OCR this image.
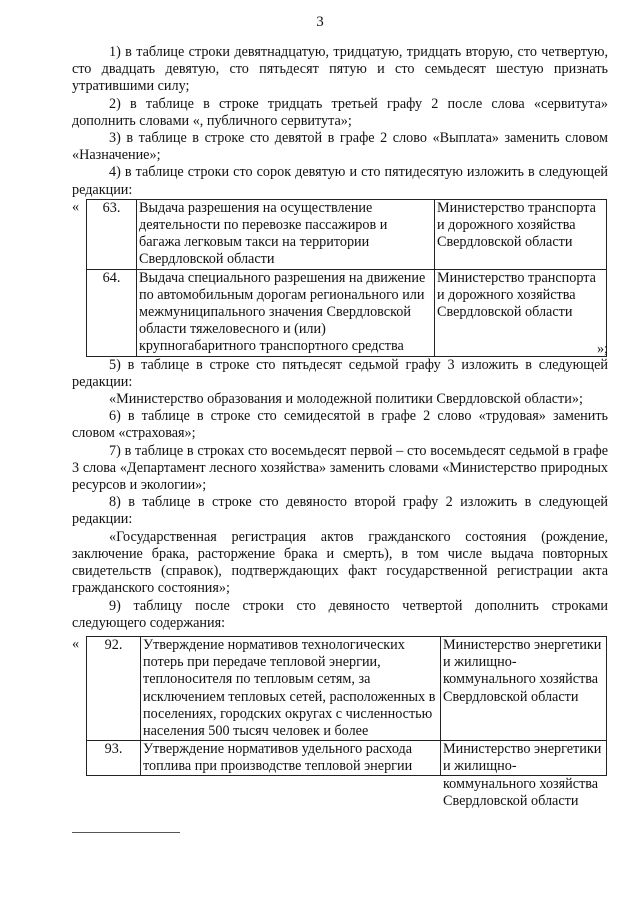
3

1) в таблице строки девятнадцатую, тридцатую, тридцать вторую, сто четвертую, сто двадцать девятую, сто пятьдесят пятую и сто семьдесят шестую признать утратившими силу;

2) в таблице в строке тридцать третьей графу 2 после слова «сервитута» дополнить словами «, публичного сервитута»;

3) в таблице в строке сто девятой в графе 2 слово «Выплата» заменить словом «Назначение»;

4) в таблице строки сто сорок девятую и сто пятидесятую изложить в следующей редакции:

« 63.	Выдача разрешения на осуществление деятельности по перевозке пассажиров и багажа легковым такси на территории Свердловской области	Министерство транспорта и дорожного хозяйства Свердловской области
64.	Выдача специального разрешения на движение по автомобильным дорогам регионального или межмуниципального значения Свердловской области тяжеловесного и (или) крупногабаритного транспортного средства	Министерство транспорта и дорожного хозяйства Свердловской области
»;

5) в таблице в строке сто пятьдесят седьмой графу 3 изложить в следующей редакции:

«Министерство образования и молодежной политики Свердловской области»;

6) в таблице в строке сто семидесятой в графе 2 слово «трудовая» заменить словом «страховая»;

7) в таблице в строках сто восемьдесят первой – сто восемьдесят седьмой в графе 3 слова «Департамент лесного хозяйства» заменить словами «Министерство природных ресурсов и экологии»;

8) в таблице в строке сто девяносто второй графу 2 изложить в следующей редакции:

«Государственная регистрация актов гражданского состояния (рождение, заключение брака, расторжение брака и смерть), в том числе выдача повторных свидетельств (справок), подтверждающих факт государственной регистрации акта гражданского состояния»;

9) таблицу после строки сто девяносто четвертой дополнить строками следующего содержания:

« 92.	Утверждение нормативов технологических потерь при передаче тепловой энергии, теплоносителя по тепловым сетям, за исключением тепловых сетей, расположенных в поселениях, городских округах с численностью населения 500 тысяч человек и более	Министерство энергетики и жилищно-коммунального хозяйства Свердловской области
93.	Утверждение нормативов удельного расхода топлива при производстве тепловой энергии	Министерство энергетики и жилищно-коммунального хозяйства Свердловской области
